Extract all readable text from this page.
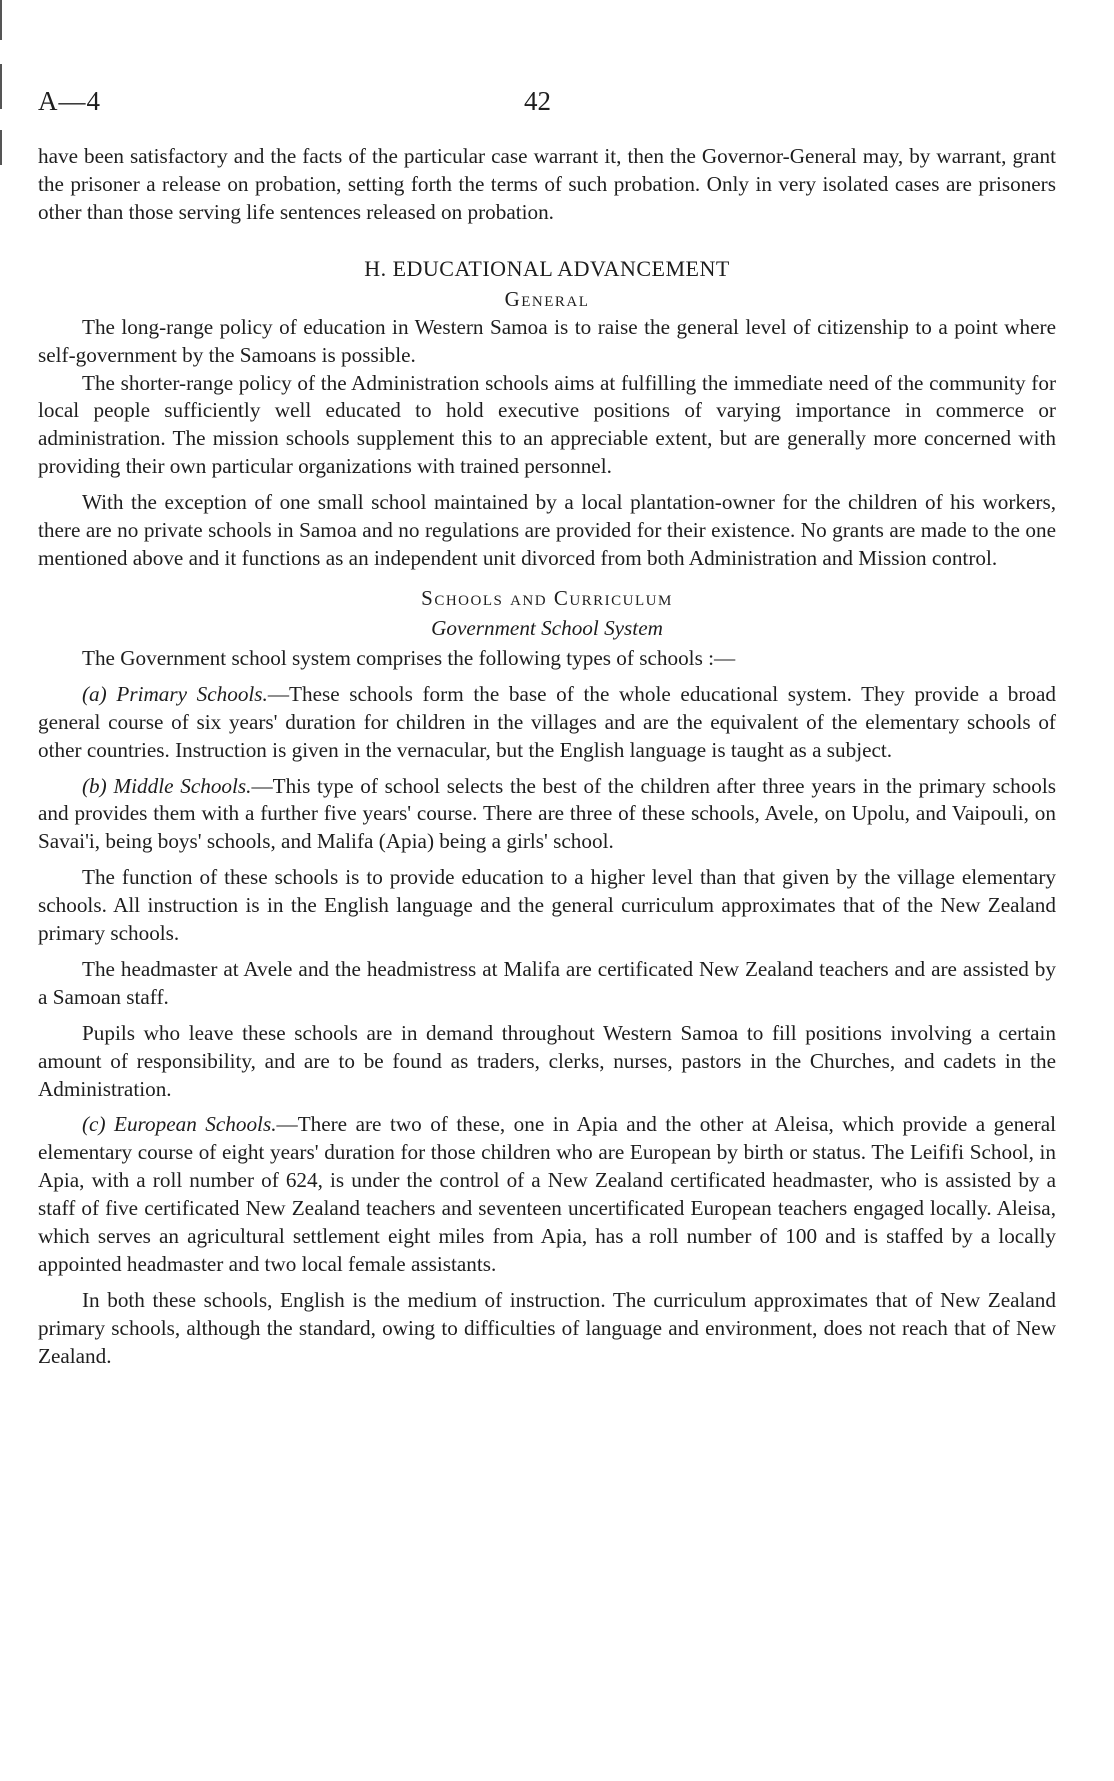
A—4	42

have been satisfactory and the facts of the particular case warrant it, then the Governor-General may, by warrant, grant the prisoner a release on probation, setting forth the terms of such probation. Only in very isolated cases are prisoners other than those serving life sentences released on probation.

H. EDUCATIONAL ADVANCEMENT
General

The long-range policy of education in Western Samoa is to raise the general level of citizenship to a point where self-government by the Samoans is possible.

The shorter-range policy of the Administration schools aims at fulfilling the immediate need of the community for local people sufficiently well educated to hold executive positions of varying importance in commerce or administration. The mission schools supplement this to an appreciable extent, but are generally more concerned with providing their own particular organizations with trained personnel.

With the exception of one small school maintained by a local plantation-owner for the children of his workers, there are no private schools in Samoa and no regulations are provided for their existence. No grants are made to the one mentioned above and it functions as an independent unit divorced from both Administration and Mission control.

Schools and Curriculum
Government School System

The Government school system comprises the following types of schools :—

(a) Primary Schools.—These schools form the base of the whole educational system. They provide a broad general course of six years' duration for children in the villages and are the equivalent of the elementary schools of other countries. Instruction is given in the vernacular, but the English language is taught as a subject.

(b) Middle Schools.—This type of school selects the best of the children after three years in the primary schools and provides them with a further five years' course. There are three of these schools, Avele, on Upolu, and Vaipouli, on Savai'i, being boys' schools, and Malifa (Apia) being a girls' school.

The function of these schools is to provide education to a higher level than that given by the village elementary schools. All instruction is in the English language and the general curriculum approximates that of the New Zealand primary schools.

The headmaster at Avele and the headmistress at Malifa are certificated New Zealand teachers and are assisted by a Samoan staff.

Pupils who leave these schools are in demand throughout Western Samoa to fill positions involving a certain amount of responsibility, and are to be found as traders, clerks, nurses, pastors in the Churches, and cadets in the Administration.

(c) European Schools.—There are two of these, one in Apia and the other at Aleisa, which provide a general elementary course of eight years' duration for those children who are European by birth or status. The Leififi School, in Apia, with a roll number of 624, is under the control of a New Zealand certificated headmaster, who is assisted by a staff of five certificated New Zealand teachers and seventeen uncertificated European teachers engaged locally. Aleisa, which serves an agricultural settlement eight miles from Apia, has a roll number of 100 and is staffed by a locally appointed headmaster and two local female assistants.

In both these schools, English is the medium of instruction. The curriculum approximates that of New Zealand primary schools, although the standard, owing to difficulties of language and environment, does not reach that of New Zealand.
